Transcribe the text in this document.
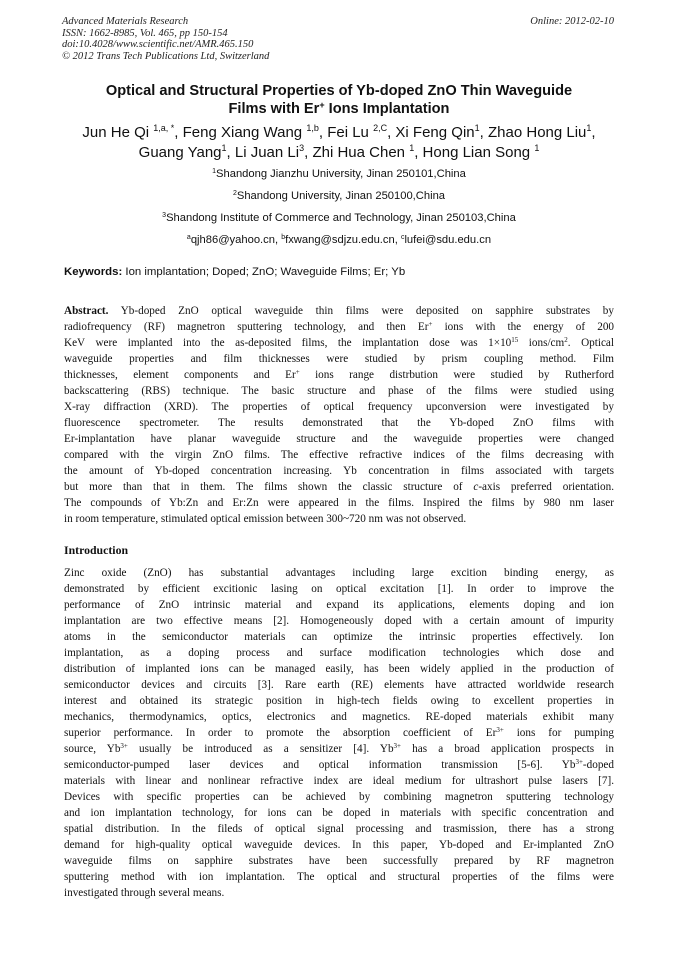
Advanced Materials Research
ISSN: 1662-8985, Vol. 465, pp 150-154
doi:10.4028/www.scientific.net/AMR.465.150
© 2012 Trans Tech Publications Ltd, Switzerland
Online: 2012-02-10
Optical and Structural Properties of Yb-doped ZnO Thin Waveguide
Films with Er+ Ions Implantation
Jun He Qi $^{1,a, *}$, Feng Xiang Wang $^{1,b}$, Fei Lu $^{2,C}$, Xi Feng Qin$^1$, Zhao Hong Liu$^1$,
Guang Yang$^1$, Li Juan Li$^3$, Zhi Hua Chen $^1$, Hong Lian Song $^1$
$^1$Shandong Jianzhu University, Jinan 250101,China
$^2$Shandong University, Jinan 250100,China
$^3$Shandong Institute of Commerce and Technology, Jinan 250103,China
$^a$qjh86@yahoo.cn, $^b$fxwang@sdjzu.edu.cn, $^c$lufei@sdu.edu.cn
Keywords: Ion implantation; Doped; ZnO; Waveguide Films; Er; Yb
Abstract. Yb-doped ZnO optical waveguide thin films were deposited on sapphire substrates by
radiofrequency (RF) magnetron sputtering technology, and then Er+ ions with the energy of 200
KeV were implanted into the as-deposited films, the implantation dose was $1\times 10^{15}$ ions/$cm^2$. Optical
waveguide properties and film thicknesses were studied by prism coupling method. Film
thicknesses, element components and Er+ ions range distrbution were studied by Rutherford
backscattering (RBS) technique. The basic structure and phase of the films were studied using
X-ray diffraction (XRD). The properties of optical frequency upconversion were investigated by
fluorescence spectrometer. The results demonstrated that the Yb-doped ZnO films with
Er-implantation have planar waveguide structure and the waveguide properties were changed
compared with the virgin ZnO films. The effective refractive indices of the films decreasing with
the amount of Yb-doped concentration increasing. Yb concentration in films associated with targets
but more than that in them. The films shown the classic structure of c-axis preferred orientation.
The compounds of Yb:Zn and Er:Zn were appeared in the films. Inspired the films by 980 nm laser
in room temperature, stimulated optical emission between 300~720 nm was not observed.
Introduction
Zinc oxide (ZnO) has substantial advantages including large excition binding energy, as
demonstrated by efficient excitionic lasing on optical excitation [1]. In order to improve the
performance of ZnO intrinsic material and expand its applications, elements doping and ion
implantation are two effective means [2]. Homogeneously doped with a certain amount of impurity
atoms in the semiconductor materials can optimize the intrinsic properties effectively. Ion
implantation, as a doping process and surface modification technologies which dose and
distribution of implanted ions can be managed easily, has been widely applied in the production of
semiconductor devices and circuits [3]. Rare earth (RE) elements have attracted worldwide research
interest and obtained its strategic position in high-tech fields owing to excellent properties in
mechanics, thermodynamics, optics, electronics and magnetics. RE-doped materials exhibit many
superior performance. In order to promote the absorption coefficient of $Er^{3+}$ ions for pumping
source, $Yb^{3+}$ usually be introduced as a sensitizer [4]. $Yb^{3+}$ has a broad application prospects in
semiconductor-pumped laser devices and optical information transmission [5-6]. $Yb^{3+}$-doped
materials with linear and nonlinear refractive index are ideal medium for ultrashort pulse lasers [7].
Devices with specific properties can be achieved by combining magnetron sputtering technology
and ion implantation technology, for ions can be doped in materials with specific concentration and
spatial distribution. In the fileds of optical signal processing and trasmission, there has a strong
demand for high-quality optical waveguide devices. In this paper, Yb-doped and Er-implanted ZnO
waveguide films on sapphire substrates have been successfully prepared by RF magnetron
sputtering method with ion implantation. The optical and structural properties of the films were
investigated through several means.
